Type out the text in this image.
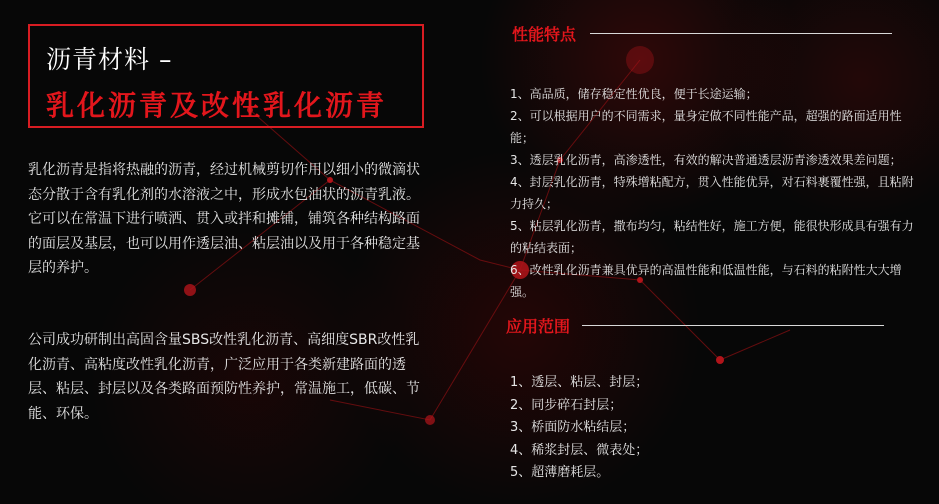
沥青材料 –
乳化沥青及改性乳化沥青
乳化沥青是指将热融的沥青，经过机械剪切作用以细小的微滴状态分散于含有乳化剂的水溶液之中，形成水包油状的沥青乳液。它可以在常温下进行喷洒、贯入或拌和摊铺，铺筑各种结构路面的面层及基层，也可以用作透层油、粘层油以及用于各种稳定基层的养护。
公司成功研制出高固含量SBS改性乳化沥青、高细度SBR改性乳化沥青、高粘度改性乳化沥青，广泛应用于各类新建路面的透层、粘层、封层以及各类路面预防性养护，常温施工，低碳、节能、环保。
性能特点
1、高品质，储存稳定性优良，便于长途运输；
2、可以根据用户的不同需求，量身定做不同性能产品，超强的路面适用性能；
3、透层乳化沥青，高渗透性，有效的解决普通透层沥青渗透效果差问题；
4、封层乳化沥青，特殊增粘配方，贯入性能优异，对石料裹覆性强，且粘附力持久；
5、粘层乳化沥青，撒布均匀，粘结性好，施工方便，能很快形成具有强有力的粘结表面；
6、改性乳化沥青兼具优异的高温性能和低温性能，与石料的粘附性大大增强。
应用范围
1、透层、粘层、封层；
2、同步碎石封层；
3、桥面防水粘结层；
4、稀浆封层、微表处；
5、超薄磨耗层。
